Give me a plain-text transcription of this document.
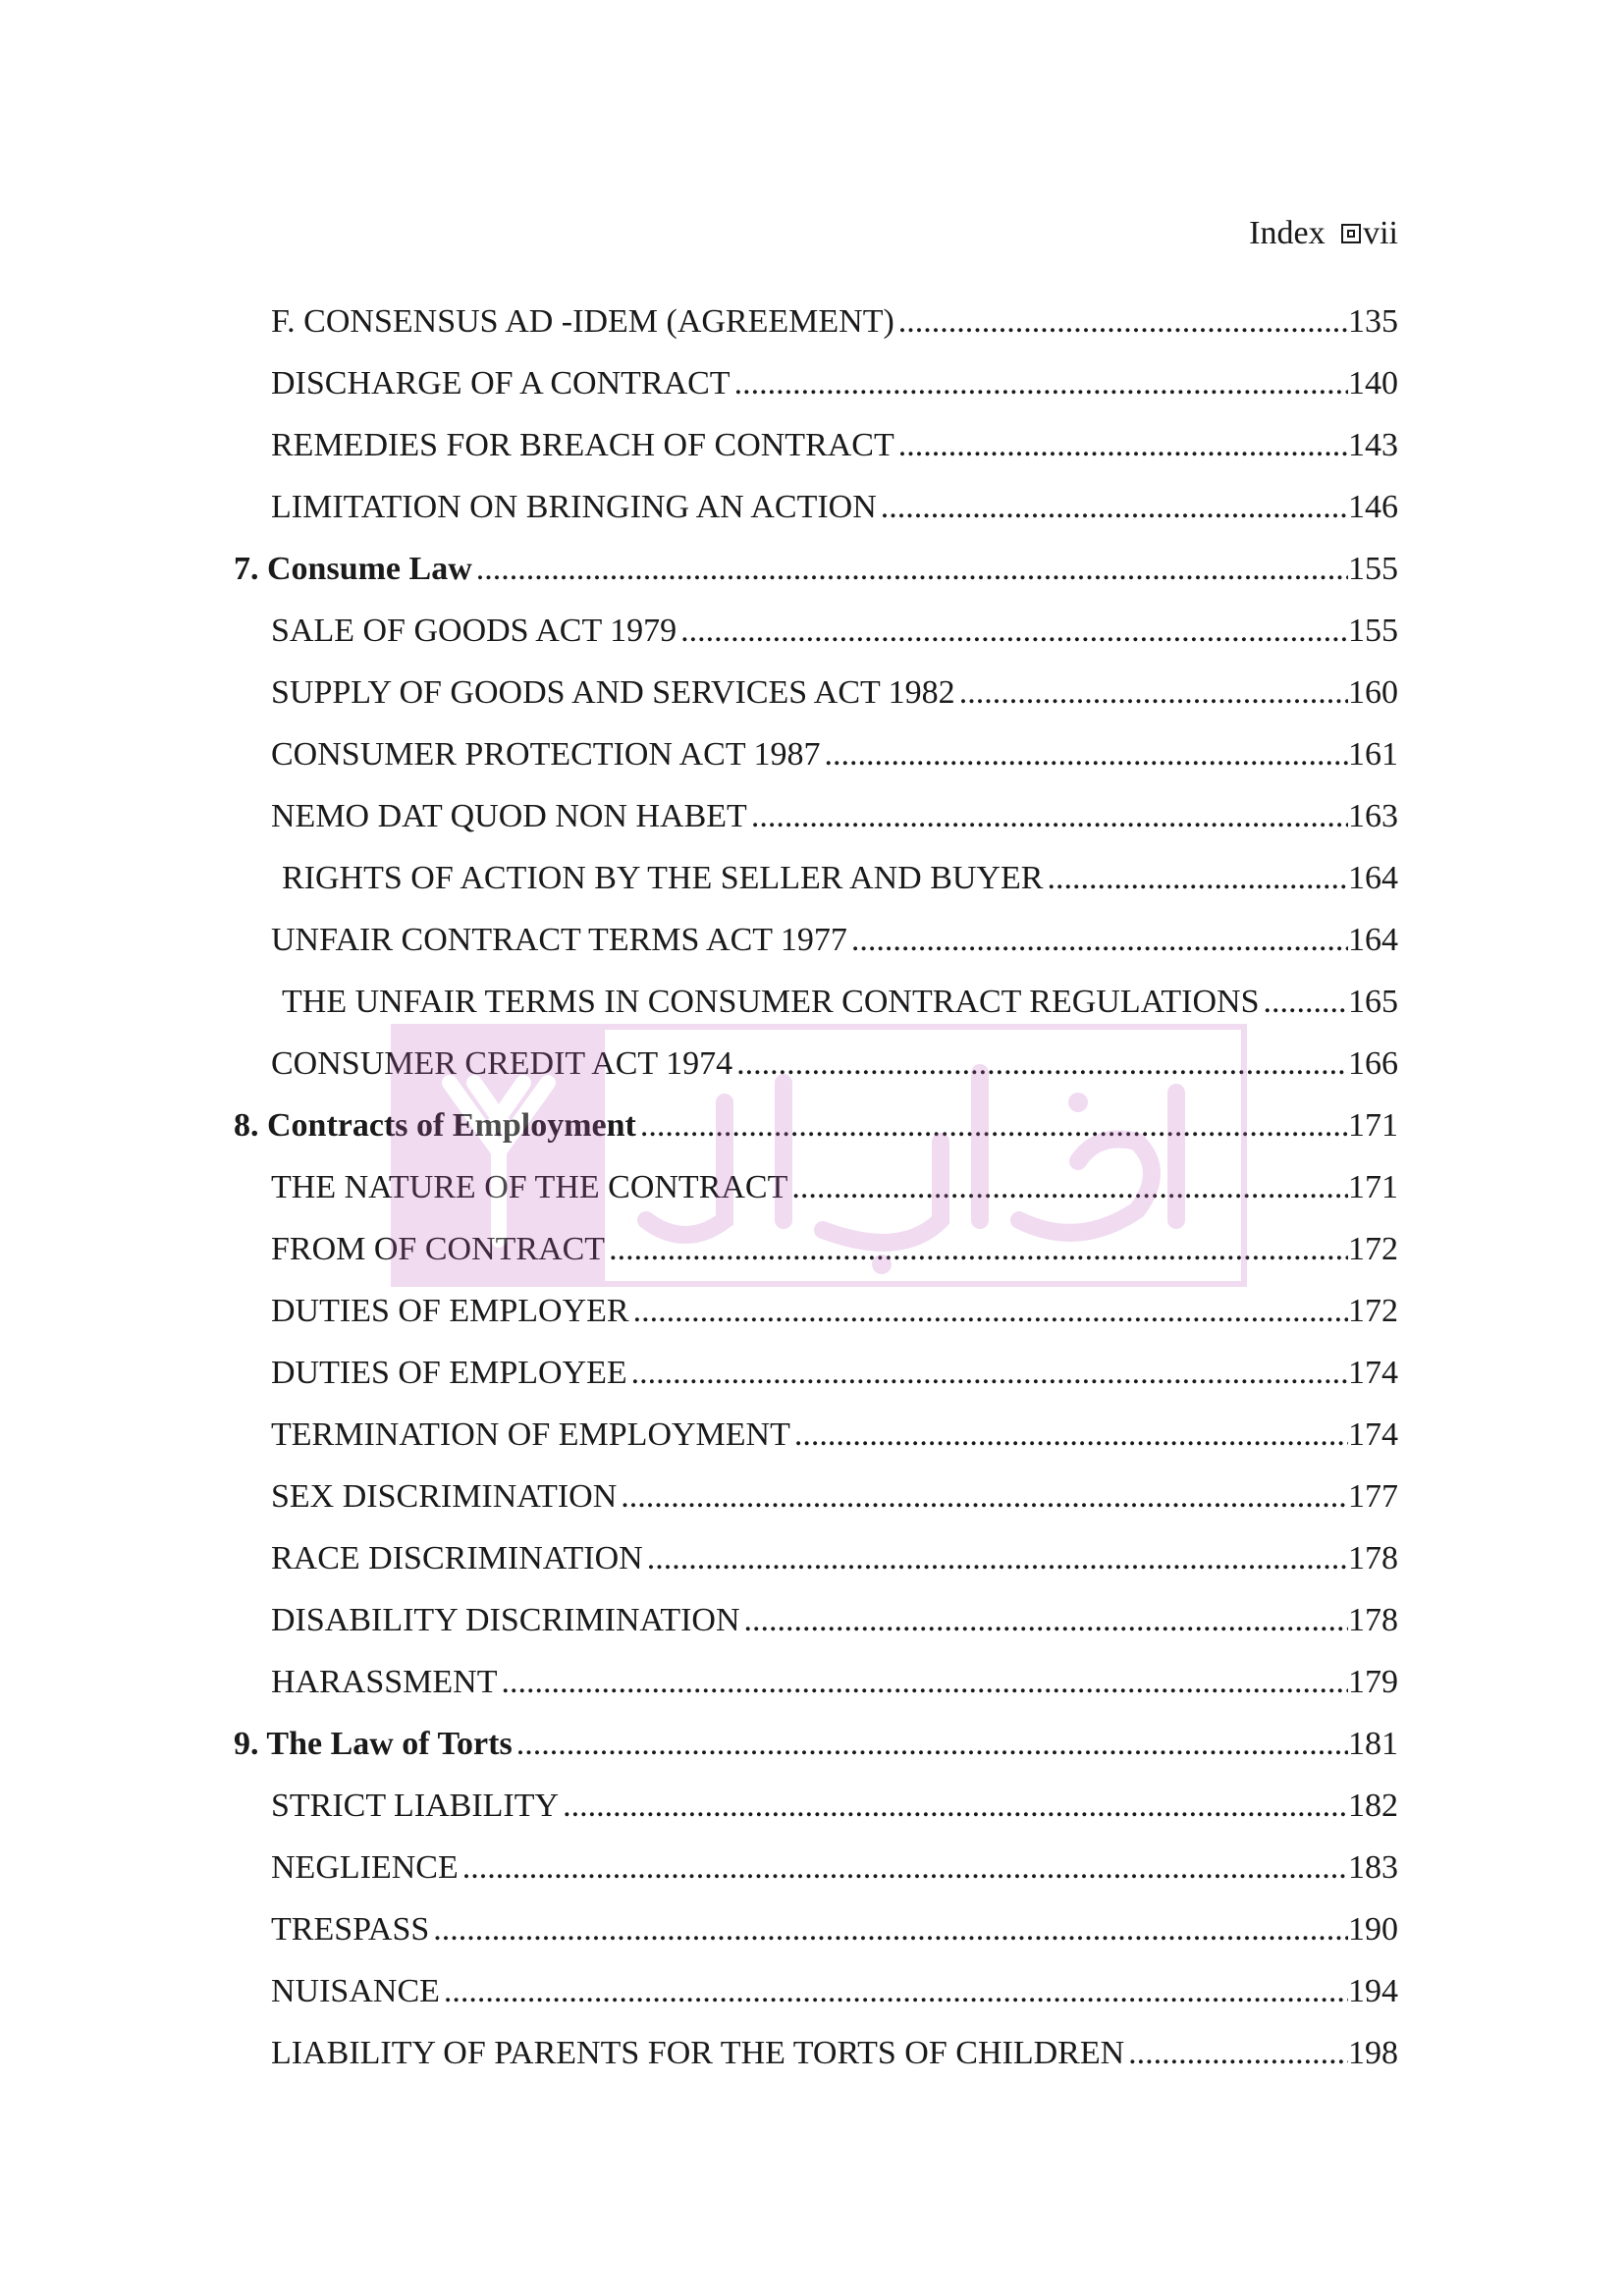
Index vii
F. CONSENSUS AD -IDEM (AGREEMENT) .....	135
DISCHARGE OF A CONTRACT .....	140
REMEDIES FOR BREACH OF CONTRACT .....	143
LIMITATION ON BRINGING AN ACTION .....	146
7. Consume Law .....	155
SALE OF GOODS ACT 1979 .....	155
SUPPLY OF GOODS AND SERVICES ACT 1982 .....	160
CONSUMER PROTECTION ACT 1987 .....	161
NEMO DAT QUOD NON HABET .....	163
RIGHTS OF ACTION BY THE SELLER AND BUYER .....	164
UNFAIR CONTRACT TERMS ACT 1977 .....	164
THE UNFAIR TERMS IN CONSUMER CONTRACT REGULATIONS .....	165
CONSUMER CREDIT ACT 1974 .....	166
8. Contracts of Employment .....	171
THE NATURE OF THE CONTRACT .....	171
FROM OF CONTRACT .....	172
DUTIES OF EMPLOYER .....	172
DUTIES OF EMPLOYEE .....	174
TERMINATION OF EMPLOYMENT .....	174
SEX DISCRIMINATION .....	177
RACE DISCRIMINATION .....	178
DISABILITY DISCRIMINATION .....	178
HARASSMENT .....	179
9. The Law of Torts .....	181
STRICT LIABILITY .....	182
NEGLIENCE .....	183
TRESPASS .....	190
NUISANCE .....	194
LIABILITY OF PARENTS FOR THE TORTS OF CHILDREN .....	198
